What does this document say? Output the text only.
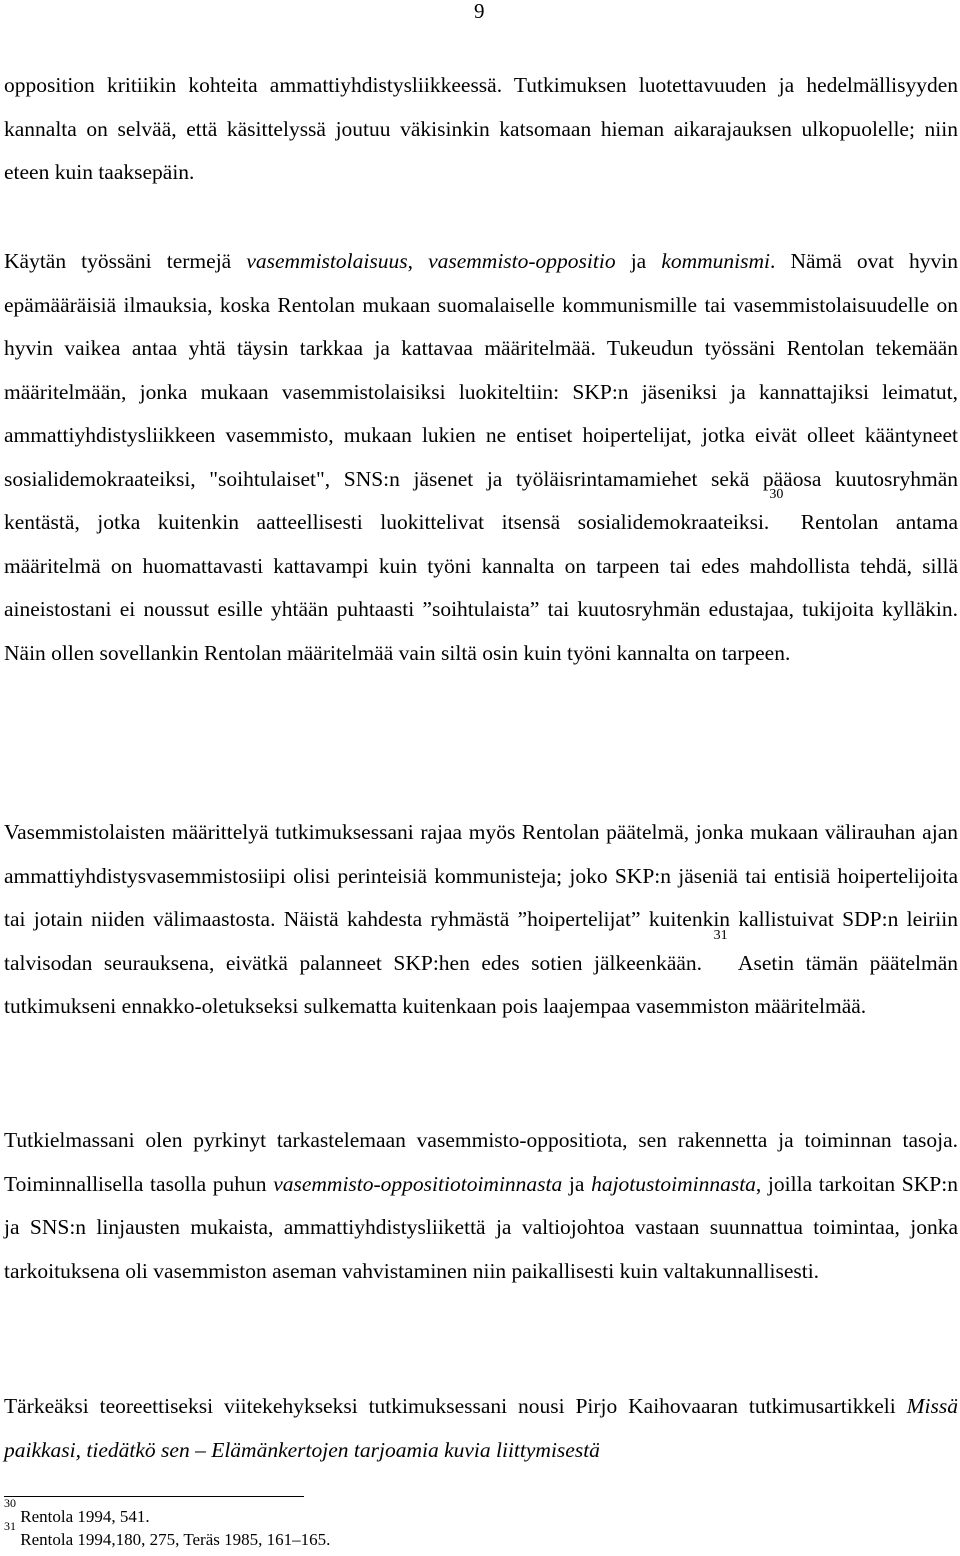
9

opposition kritiikin kohteita ammattiyhdistysliikkeessä. Tutkimuksen luotettavuuden ja hedelmällisyyden kannalta on selvää, että käsittelyssä joutuu väkisinkin katsomaan hieman aikarajauksen ulkopuolelle; niin eteen kuin taaksepäin.

Käytän työssäni termejä vasemmistolaisuus, vasemmisto-oppositio ja kommunismi. Nämä ovat hyvin epämääräisiä ilmauksia, koska Rentolan mukaan suomalaiselle kommunismille tai vasemmistolaisuudelle on hyvin vaikea antaa yhtä täysin tarkkaa ja kattavaa määritelmää. Tukeudun työssäni Rentolan tekemään määritelmään, jonka mukaan vasemmistolaisiksi luokiteltiin: SKP:n jäseniksi ja kannattajiksi leimatut, ammattiyhdistysliikkeen vasemmisto, mukaan lukien ne entiset hoipertelijat, jotka eivät olleet kääntyneet sosialidemokraateiksi, "soihtulaiset", SNS:n jäsenet ja työläisrintamamiehet sekä pääosa kuutosryhmän kentästä, jotka kuitenkin aatteellisesti luokittelivat itsensä sosialidemokraateiksi.$^{30}$ Rentolan antama määritelmä on huomattavasti kattavampi kuin työni kannalta on tarpeen tai edes mahdollista tehdä, sillä aineistostani ei noussut esille yhtään puhtaasti ”soihtulaista” tai kuutosryhmän edustajaa, tukijoita kylläkin. Näin ollen sovellankin Rentolan määritelmää vain siltä osin kuin työni kannalta on tarpeen.

Vasemmistolaisten määrittelyä tutkimuksessani rajaa myös Rentolan päätelmä, jonka mukaan välirauhan ajan ammattiyhdistysvasemmistosiipi olisi perinteisiä kommunisteja; joko SKP:n jäseniä tai entisiä hoipertelijoita tai jotain niiden välimaastosta. Näistä kahdesta ryhmästä ”hoipertelijat” kuitenkin kallistuivat SDP:n leiriin talvisodan seurauksena, eivätkä palanneet SKP:hen edes sotien jälkeenkään. $^{31}$ Asetin tämän päätelmän tutkimukseni ennakko-oletukseksi sulkematta kuitenkaan pois laajempaa vasemmiston määritelmää.

Tutkielmassani olen pyrkinyt tarkastelemaan vasemmisto-oppositiota, sen rakennetta ja toiminnan tasoja. Toiminnallisella tasolla puhun vasemmisto-oppositiotoiminnasta ja hajotustoiminnasta, joilla tarkoitan SKP:n ja SNS:n linjausten mukaista, ammattiyhdistysliikettä ja valtiojohtoa vastaan suunnattua toimintaa, jonka tarkoituksena oli vasemmiston aseman vahvistaminen niin paikallisesti kuin valtakunnallisesti.

Tärkeäksi teoreettiseksi viitekehykseksi tutkimuksessani nousi Pirjo Kaihovaaran tutkimusartikkeli Missä paikkasi, tiedätkö sen – Elämänkertojen tarjoamia kuvia liittymisestä

$^{30}$ Rentola 1994, 541.
$^{31}$ Rentola 1994,180, 275, Teräs 1985, 161–165.
